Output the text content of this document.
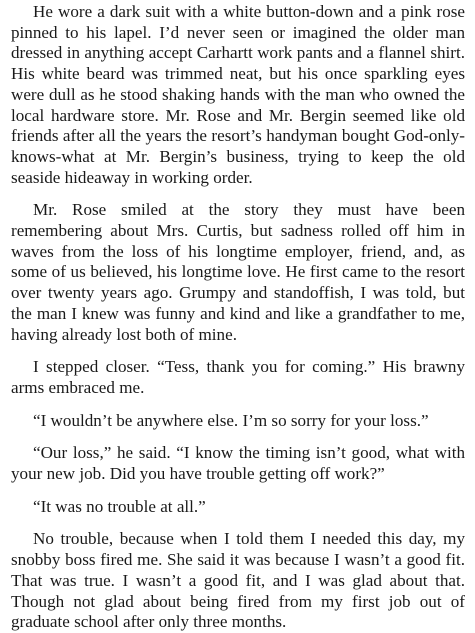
He wore a dark suit with a white button-down and a pink rose pinned to his lapel. I’d never seen or imagined the older man dressed in anything accept Carhartt work pants and a flannel shirt. His white beard was trimmed neat, but his once sparkling eyes were dull as he stood shaking hands with the man who owned the local hardware store. Mr. Rose and Mr. Bergin seemed like old friends after all the years the resort’s handyman bought God-only-knows-what at Mr. Bergin’s business, trying to keep the old seaside hideaway in working order.

Mr. Rose smiled at the story they must have been remembering about Mrs. Curtis, but sadness rolled off him in waves from the loss of his longtime employer, friend, and, as some of us believed, his longtime love. He first came to the resort over twenty years ago. Grumpy and standoffish, I was told, but the man I knew was funny and kind and like a grandfather to me, having already lost both of mine.

I stepped closer. “Tess, thank you for coming.” His brawny arms embraced me.

“I wouldn’t be anywhere else. I’m so sorry for your loss.”

“Our loss,” he said. “I know the timing isn’t good, what with your new job. Did you have trouble getting off work?”

“It was no trouble at all.”

No trouble, because when I told them I needed this day, my snobby boss fired me. She said it was because I wasn’t a good fit. That was true. I wasn’t a good fit, and I was glad about that. Though not glad about being fired from my first job out of graduate school after only three months.
